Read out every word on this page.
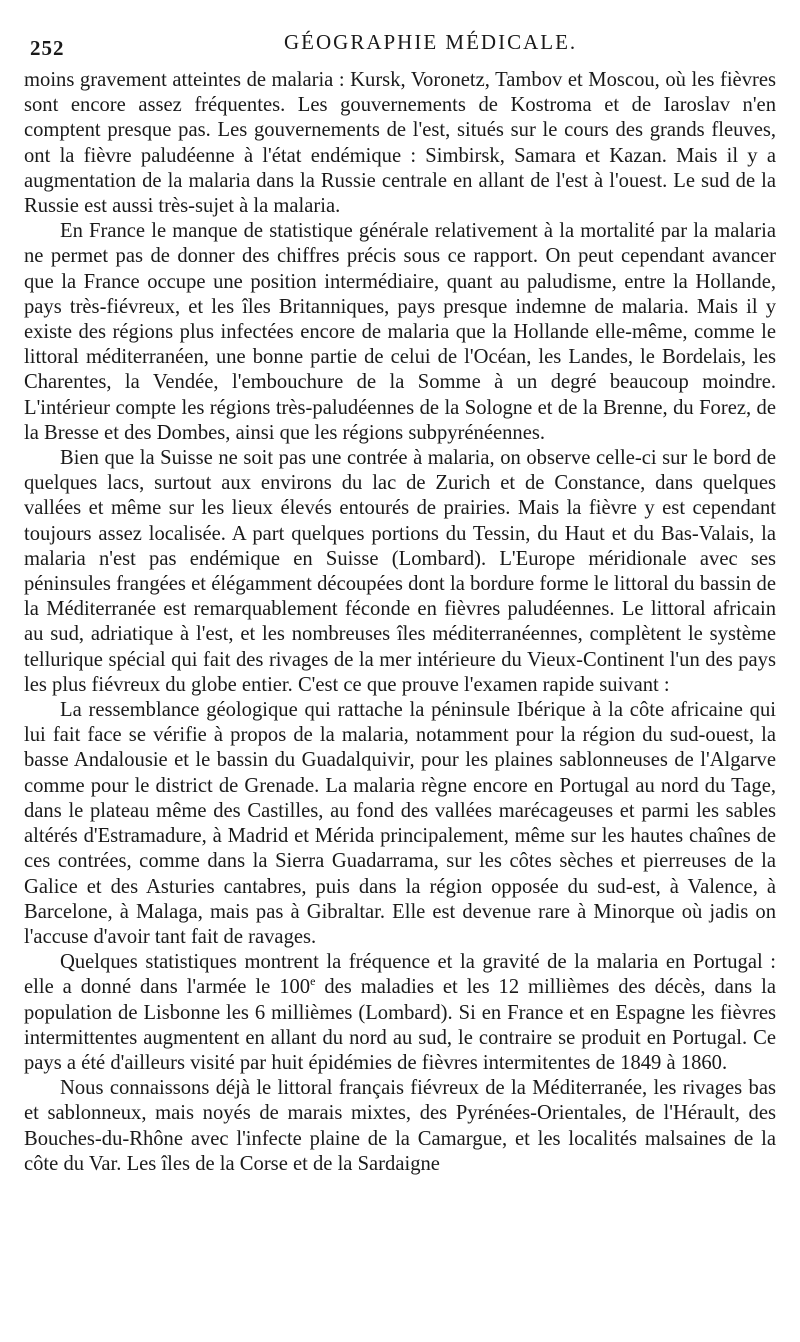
252	GÉOGRAPHIE MÉDICALE.

moins gravement atteintes de malaria : Kursk, Voronetz, Tambov et Moscou, où les fièvres sont encore assez fréquentes. Les gouvernements de Kostroma et de Iaroslav n'en comptent presque pas. Les gouvernements de l'est, situés sur le cours des grands fleuves, ont la fièvre paludéenne à l'état endémique : Simbirsk, Samara et Kazan. Mais il y a augmentation de la malaria dans la Russie centrale en allant de l'est à l'ouest. Le sud de la Russie est aussi très-sujet à la malaria.

En France le manque de statistique générale relativement à la mortalité par la malaria ne permet pas de donner des chiffres précis sous ce rapport. On peut cependant avancer que la France occupe une position intermédiaire, quant au paludisme, entre la Hollande, pays très-fiévreux, et les îles Britanniques, pays presque indemne de malaria. Mais il y existe des régions plus infectées encore de malaria que la Hollande elle-même, comme le littoral méditerranéen, une bonne partie de celui de l'Océan, les Landes, le Bordelais, les Charentes, la Vendée, l'embouchure de la Somme à un degré beaucoup moindre. L'intérieur compte les régions très-paludéennes de la Sologne et de la Brenne, du Forez, de la Bresse et des Dombes, ainsi que les régions subpyrénéennes.

Bien que la Suisse ne soit pas une contrée à malaria, on observe celle-ci sur le bord de quelques lacs, surtout aux environs du lac de Zurich et de Constance, dans quelques vallées et même sur les lieux élevés entourés de prairies. Mais la fièvre y est cependant toujours assez localisée. A part quelques portions du Tessin, du Haut et du Bas-Valais, la malaria n'est pas endémique en Suisse (Lombard). L'Europe méridionale avec ses péninsules frangées et élégamment découpées dont la bordure forme le littoral du bassin de la Méditerranée est remarquablement féconde en fièvres paludéennes. Le littoral africain au sud, adriatique à l'est, et les nombreuses îles méditerranéennes, complètent le système tellurique spécial qui fait des rivages de la mer intérieure du Vieux-Continent l'un des pays les plus fiévreux du globe entier. C'est ce que prouve l'examen rapide suivant :

La ressemblance géologique qui rattache la péninsule Ibérique à la côte africaine qui lui fait face se vérifie à propos de la malaria, notamment pour la région du sud-ouest, la basse Andalousie et le bassin du Guadalquivir, pour les plaines sablonneuses de l'Algarve comme pour le district de Grenade. La malaria règne encore en Portugal au nord du Tage, dans le plateau même des Castilles, au fond des vallées marécageuses et parmi les sables altérés d'Estramadure, à Madrid et Mérida principalement, même sur les hautes chaînes de ces contrées, comme dans la Sierra Guadarrama, sur les côtes sèches et pierreuses de la Galice et des Asturies cantabres, puis dans la région opposée du sud-est, à Valence, à Barcelone, à Malaga, mais pas à Gibraltar. Elle est devenue rare à Minorque où jadis on l'accuse d'avoir tant fait de ravages.

Quelques statistiques montrent la fréquence et la gravité de la malaria en Portugal : elle a donné dans l'armée le 100e des maladies et les 12 millièmes des décès, dans la population de Lisbonne les 6 millièmes (Lombard). Si en France et en Espagne les fièvres intermittentes augmentent en allant du nord au sud, le contraire se produit en Portugal. Ce pays a été d'ailleurs visité par huit épidémies de fièvres intermitentes de 1849 à 1860.

Nous connaissons déjà le littoral français fiévreux de la Méditerranée, les rivages bas et sablonneux, mais noyés de marais mixtes, des Pyrénées-Orientales, de l'Hérault, des Bouches-du-Rhône avec l'infecte plaine de la Camargue, et les localités malsaines de la côte du Var. Les îles de la Corse et de la Sardaigne
